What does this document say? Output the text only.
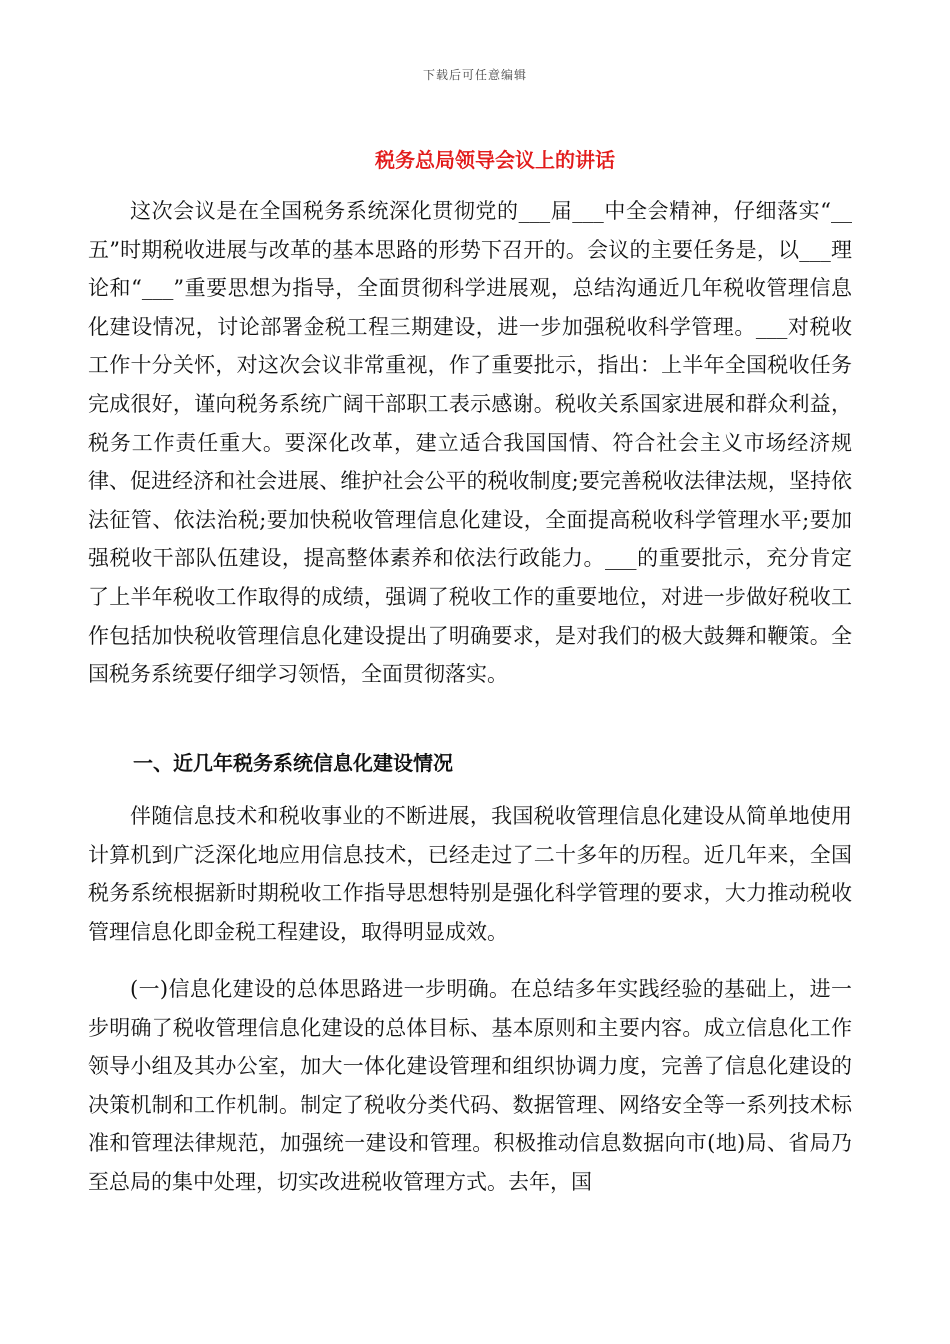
下载后可任意编辑
税务总局领导会议上的讲话

这次会议是在全国税务系统深化贯彻党的___届___中全会精神，仔细落实“__五”时期税收进展与改革的基本思路的形势下召开的。会议的主要任务是，以___理论和“___”重要思想为指导，全面贯彻科学进展观，总结沟通近几年税收管理信息化建设情况，讨论部署金税工程三期建设，进一步加强税收科学管理。___对税收工作十分关怀，对这次会议非常重视，作了重要批示，指出：上半年全国税收任务完成很好，谨向税务系统广阔干部职工表示感谢。税收关系国家进展和群众利益，税务工作责任重大。要深化改革，建立适合我国国情、符合社会主义市场经济规律、促进经济和社会进展、维护社会公平的税收制度;要完善税收法律法规，坚持依法征管、依法治税;要加快税收管理信息化建设，全面提高税收科学管理水平;要加强税收干部队伍建设，提高整体素养和依法行政能力。___的重要批示，充分肯定了上半年税收工作取得的成绩，强调了税收工作的重要地位，对进一步做好税收工作包括加快税收管理信息化建设提出了明确要求，是对我们的极大鼓舞和鞭策。全国税务系统要仔细学习领悟，全面贯彻落实。

一、近几年税务系统信息化建设情况

伴随信息技术和税收事业的不断进展，我国税收管理信息化建设从简单地使用计算机到广泛深化地应用信息技术，已经走过了二十多年的历程。近几年来，全国税务系统根据新时期税收工作指导思想特别是强化科学管理的要求，大力推动税收管理信息化即金税工程建设，取得明显成效。

(一)信息化建设的总体思路进一步明确。在总结多年实践经验的基础上，进一步明确了税收管理信息化建设的总体目标、基本原则和主要内容。成立信息化工作领导小组及其办公室，加大一体化建设管理和组织协调力度，完善了信息化建设的决策机制和工作机制。制定了税收分类代码、数据管理、网络安全等一系列技术标准和管理法律规范，加强统一建设和管理。积极推动信息数据向市(地)局、省局乃至总局的集中处理，切实改进税收管理方式。去年，国
